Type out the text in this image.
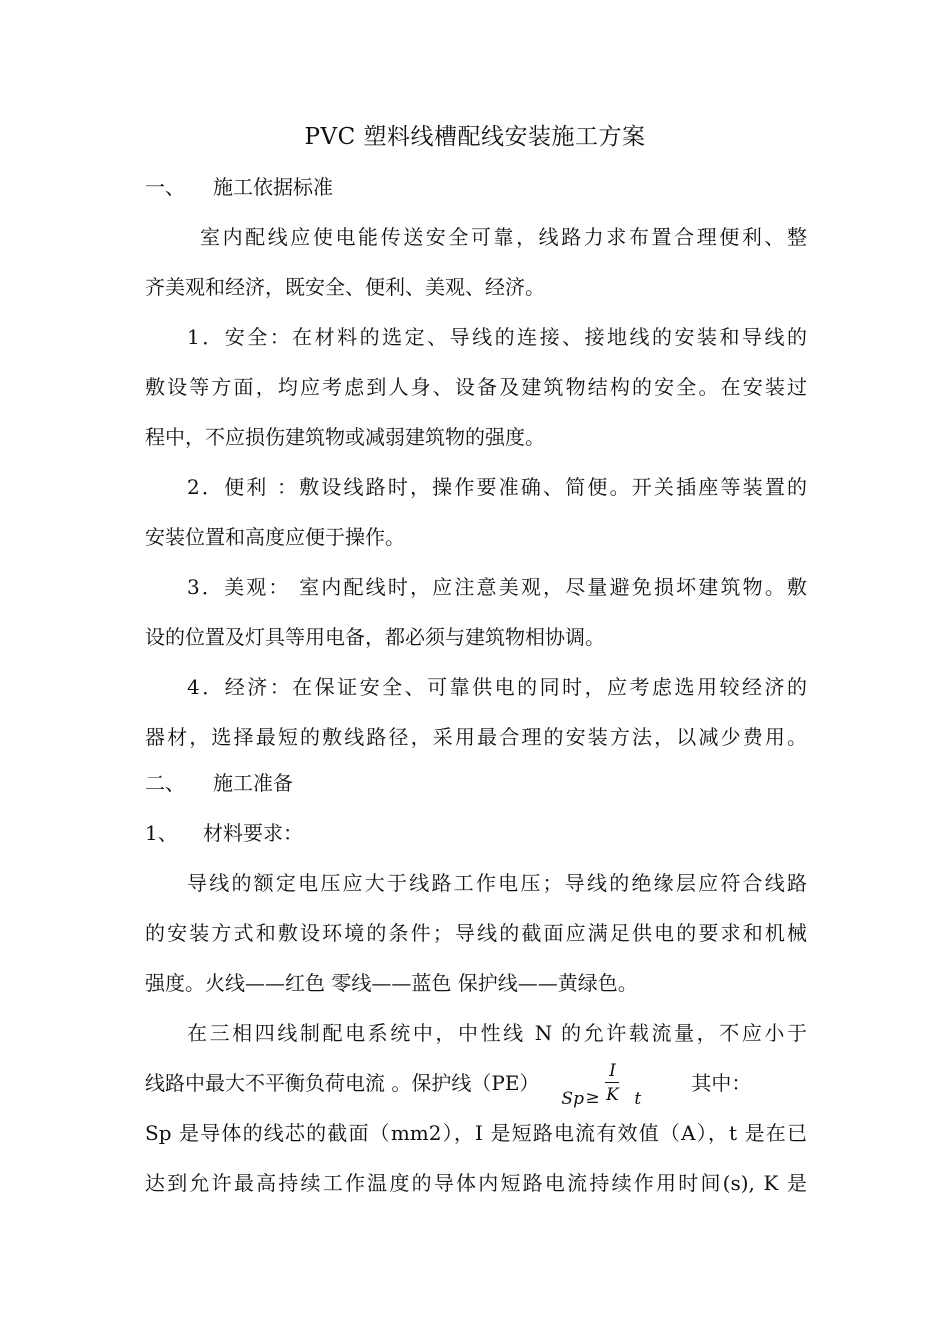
PVC 塑料线槽配线安装施工方案
一、 施工依据标准
室内配线应使电能传送安全可靠，线路力求布置合理便利、整
齐美观和经济，既安全、便利、美观、经济。
1．安全：在材料的选定、导线的连接、接地线的安装和导线的
敷设等方面，均应考虑到人身、设备及建筑物结构的安全。在安装过
程中，不应损伤建筑物或减弱建筑物的强度。
2．便利 ：敷设线路时，操作要准确、简便。开关插座等装置的
安装位置和高度应便于操作。
3．美观： 室内配线时，应注意美观，尽量避免损坏建筑物。敷
设的位置及灯具等用电备，都必须与建筑物相协调。
4．经济：在保证安全、可靠供电的同时，应考虑选用较经济的
器材，选择最短的敷线路径，采用最合理的安装方法，以减少费用。
二、 施工准备
1、 材料要求：
导线的额定电压应大于线路工作电压；导线的绝缘层应符合线路
的安装方式和敷设环境的条件；导线的截面应满足供电的要求和机械
强度。火线——红色 零线——蓝色 保护线——黄绿色。
在三相四线制配电系统中，中性线 N 的允许载流量，不应小于
线路中最大不平衡负荷电流 。保护线（PE）
Sp ≥
I
K t
其中：
Sp 是导体的线芯的截面（mm2），I 是短路电流有效值（A），t 是在已
达到允许最高持续工作温度的导体内短路电流持续作用时间(s), K 是
